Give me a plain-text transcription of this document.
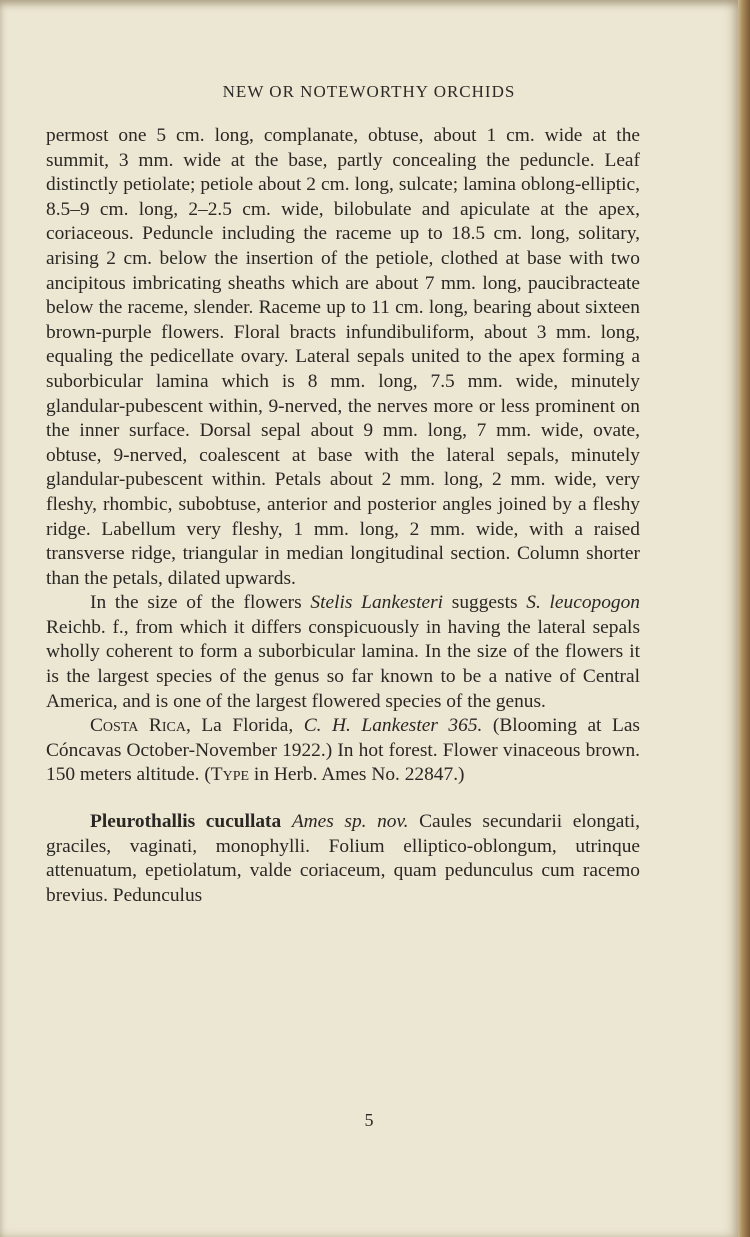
NEW OR NOTEWORTHY ORCHIDS

permost one 5 cm. long, complanate, obtuse, about 1 cm. wide at the summit, 3 mm. wide at the base, partly concealing the peduncle. Leaf distinctly petiolate; petiole about 2 cm. long, sulcate; lamina oblong-elliptic, 8.5–9 cm. long, 2–2.5 cm. wide, bilobulate and apiculate at the apex, coriaceous. Peduncle including the raceme up to 18.5 cm. long, solitary, arising 2 cm. below the insertion of the petiole, clothed at base with two ancipitous imbricating sheaths which are about 7 mm. long, paucibracteate below the raceme, slender. Raceme up to 11 cm. long, bearing about sixteen brown-purple flowers. Floral bracts infundibuliform, about 3 mm. long, equaling the pedicellate ovary. Lateral sepals united to the apex forming a suborbicular lamina which is 8 mm. long, 7.5 mm. wide, minutely glandular-pubescent within, 9-nerved, the nerves more or less prominent on the inner surface. Dorsal sepal about 9 mm. long, 7 mm. wide, ovate, obtuse, 9-nerved, coalescent at base with the lateral sepals, minutely glandular-pubescent within. Petals about 2 mm. long, 2 mm. wide, very fleshy, rhombic, subobtuse, anterior and posterior angles joined by a fleshy ridge. Labellum very fleshy, 1 mm. long, 2 mm. wide, with a raised transverse ridge, triangular in median longitudinal section. Column shorter than the petals, dilated upwards.

In the size of the flowers Stelis Lankesteri suggests S. leucopogon Reichb. f., from which it differs conspicuously in having the lateral sepals wholly coherent to form a suborbicular lamina. In the size of the flowers it is the largest species of the genus so far known to be a native of Central America, and is one of the largest flowered species of the genus.

Costa Rica, La Florida, C. H. Lankester 365. (Blooming at Las Cóncavas October-November 1922.) In hot forest. Flower vinaceous brown. 150 meters altitude. (Type in Herb. Ames No. 22847.)

Pleurothallis cucullata Ames sp. nov. Caules secundarii elongati, graciles, vaginati, monophylli. Folium elliptico-oblongum, utrinque attenuatum, epetiolatum, valde coriaceum, quam pedunculus cum racemo brevius. Pedunculus

5
